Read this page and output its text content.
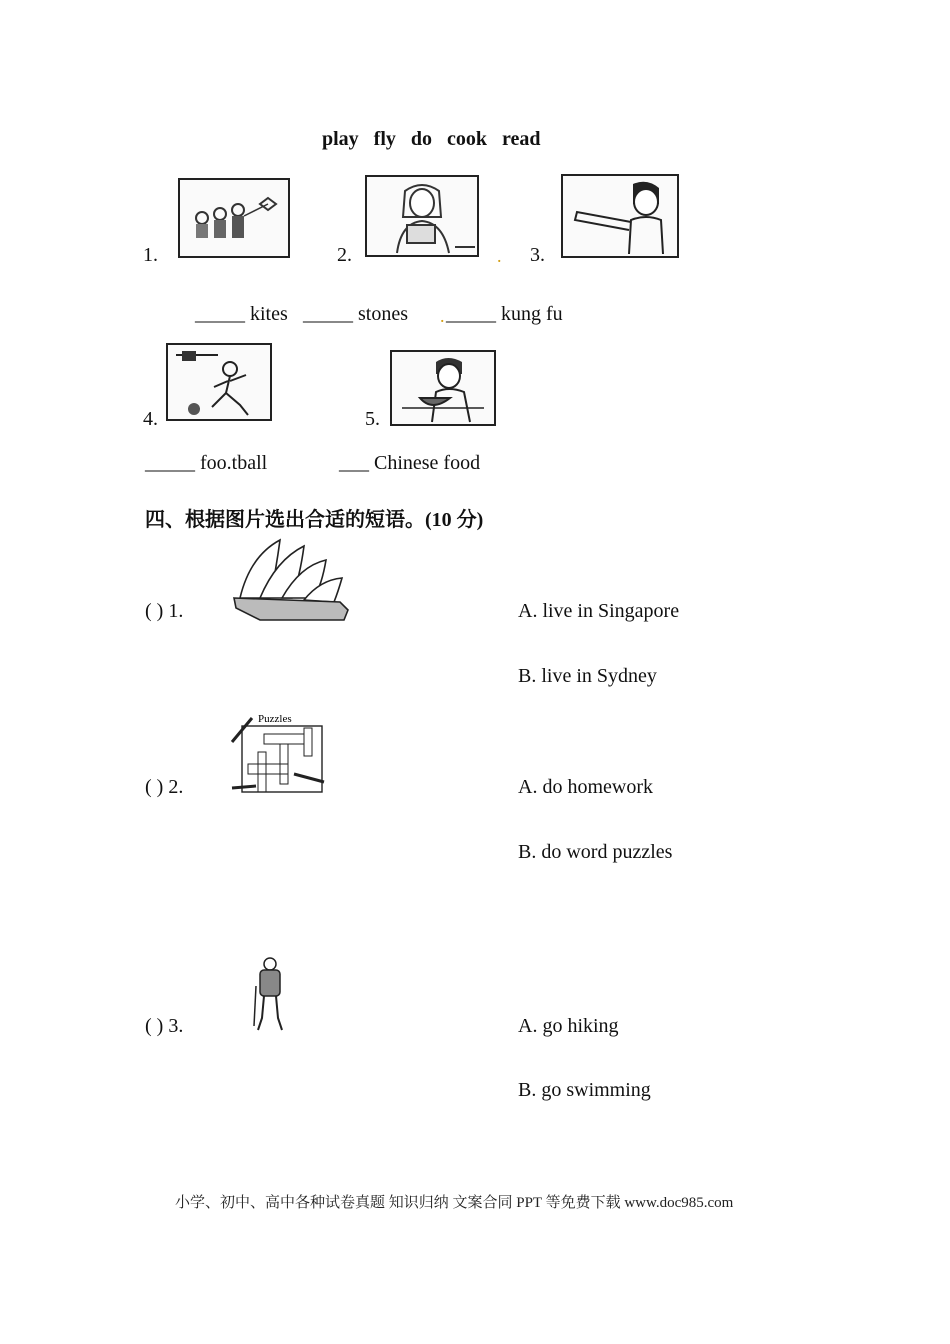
play fly do cook read
1.	2.	. 3.
_____ kites _____ stones . _____ kung fu
4.	5.
_____ foo.tball	___ Chinese food
四、根据图片选出合适的短语。(10 分)
( ) 1.	A. live in Singapore
B. live in Sydney
( ) 2.
Puzzles
A. do homework
B. do word puzzles
( ) 3.	A. go hiking
B. go swimming
小学、初中、高中各种试卷真题 知识归纳 文案合同 PPT 等免费下载 www.doc985.com
